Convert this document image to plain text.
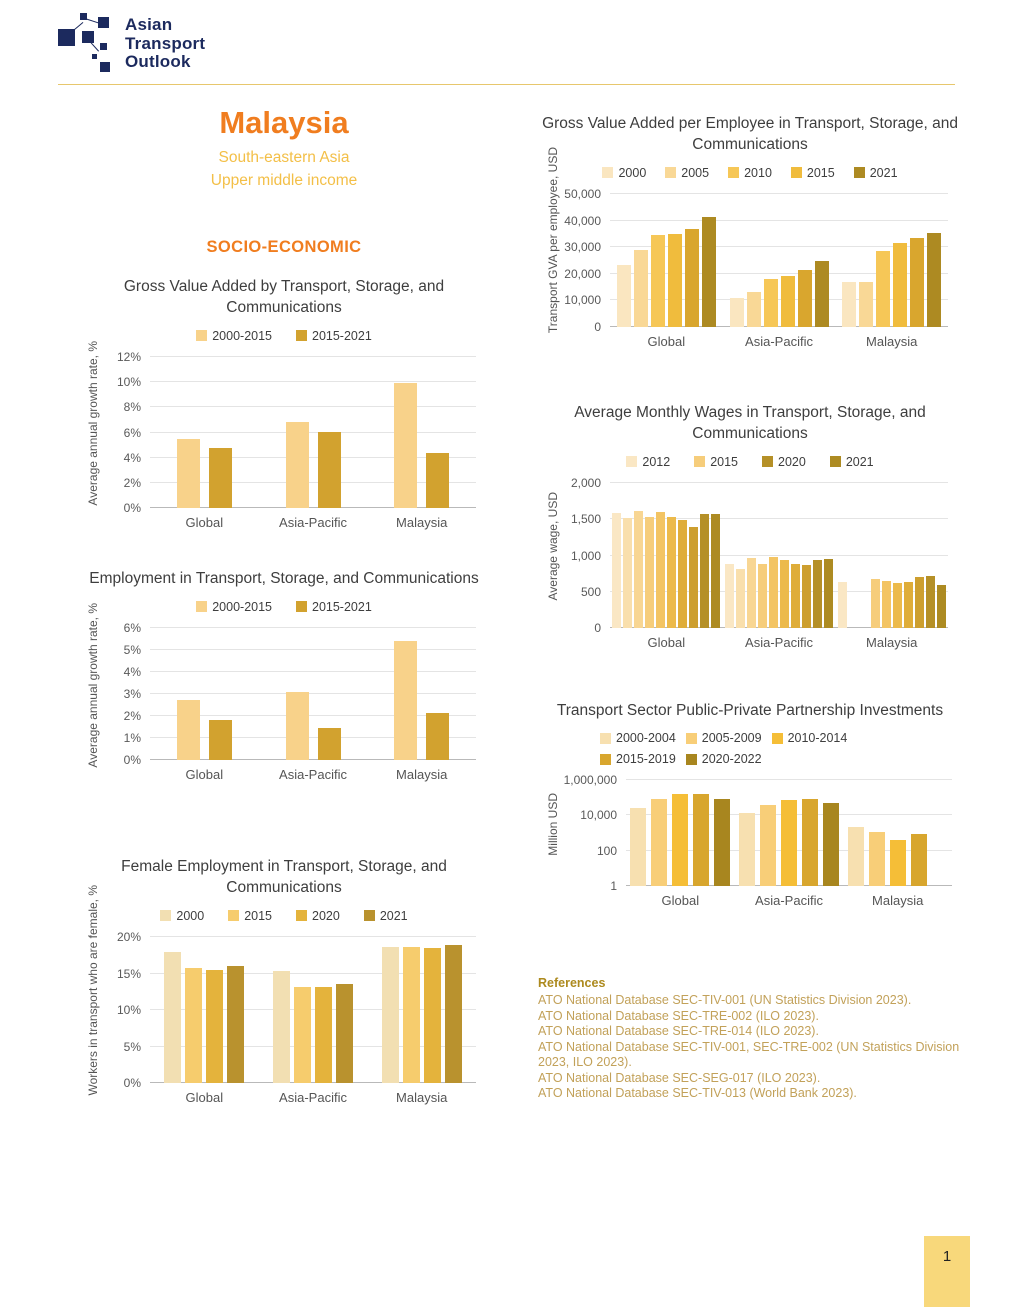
Asian
Transport
Outlook
Malaysia
South-eastern Asia
Upper middle income
SOCIO-ECONOMIC

Gross Value Added by Transport, Storage, and Communications

2000-2015	2015-2021
Average annual growth rate, %
0%
2%
4%
6%
8%
10%
12%
Global	Asia-Pacific	Malaysia

Employment in Transport, Storage, and Communications

2000-2015	2015-2021
Average annual growth rate, %	0%
1%
2%
3%
4%
5%
6%
Global	Asia-Pacific	Malaysia

Female Employment in Transport, Storage, and Communications

2000	2015	2020	2021
Workers in transport who are female, %	0%
5%
10%
15%
20%
Global	Asia-Pacific	Malaysia

Gross Value Added per Employee in Transport, Storage, and Communications

2000	2005	2010	2015	2021
Transport GVA per employee, USD	0
10,000
20,000
30,000
40,000
50,000
Global	Asia-Pacific	Malaysia

Average Monthly Wages in Transport, Storage, and Communications

2012	2015	2020	2021
Average wage, USD
0
500
1,000
1,500
2,000
Global	Asia-Pacific	Malaysia

Transport Sector Public-Private Partnership Investments

2000-2004 2005-2009 2010-2014
2015-2019 2020-2022
Million USD
1
100
10,000
1,000,000
Global	Asia-Pacific	Malaysia
References
ATO National Database SEC-TIV-001 (UN Statistics Division 2023).
ATO National Database SEC-TRE-002 (ILO 2023).
ATO National Database SEC-TRE-014 (ILO 2023).
ATO National Database SEC-TIV-001, SEC-TRE-002 (UN Statistics Division 2023, ILO 2023).
ATO National Database SEC-SEG-017 (ILO 2023).
ATO National Database SEC-TIV-013 (World Bank 2023).
1
